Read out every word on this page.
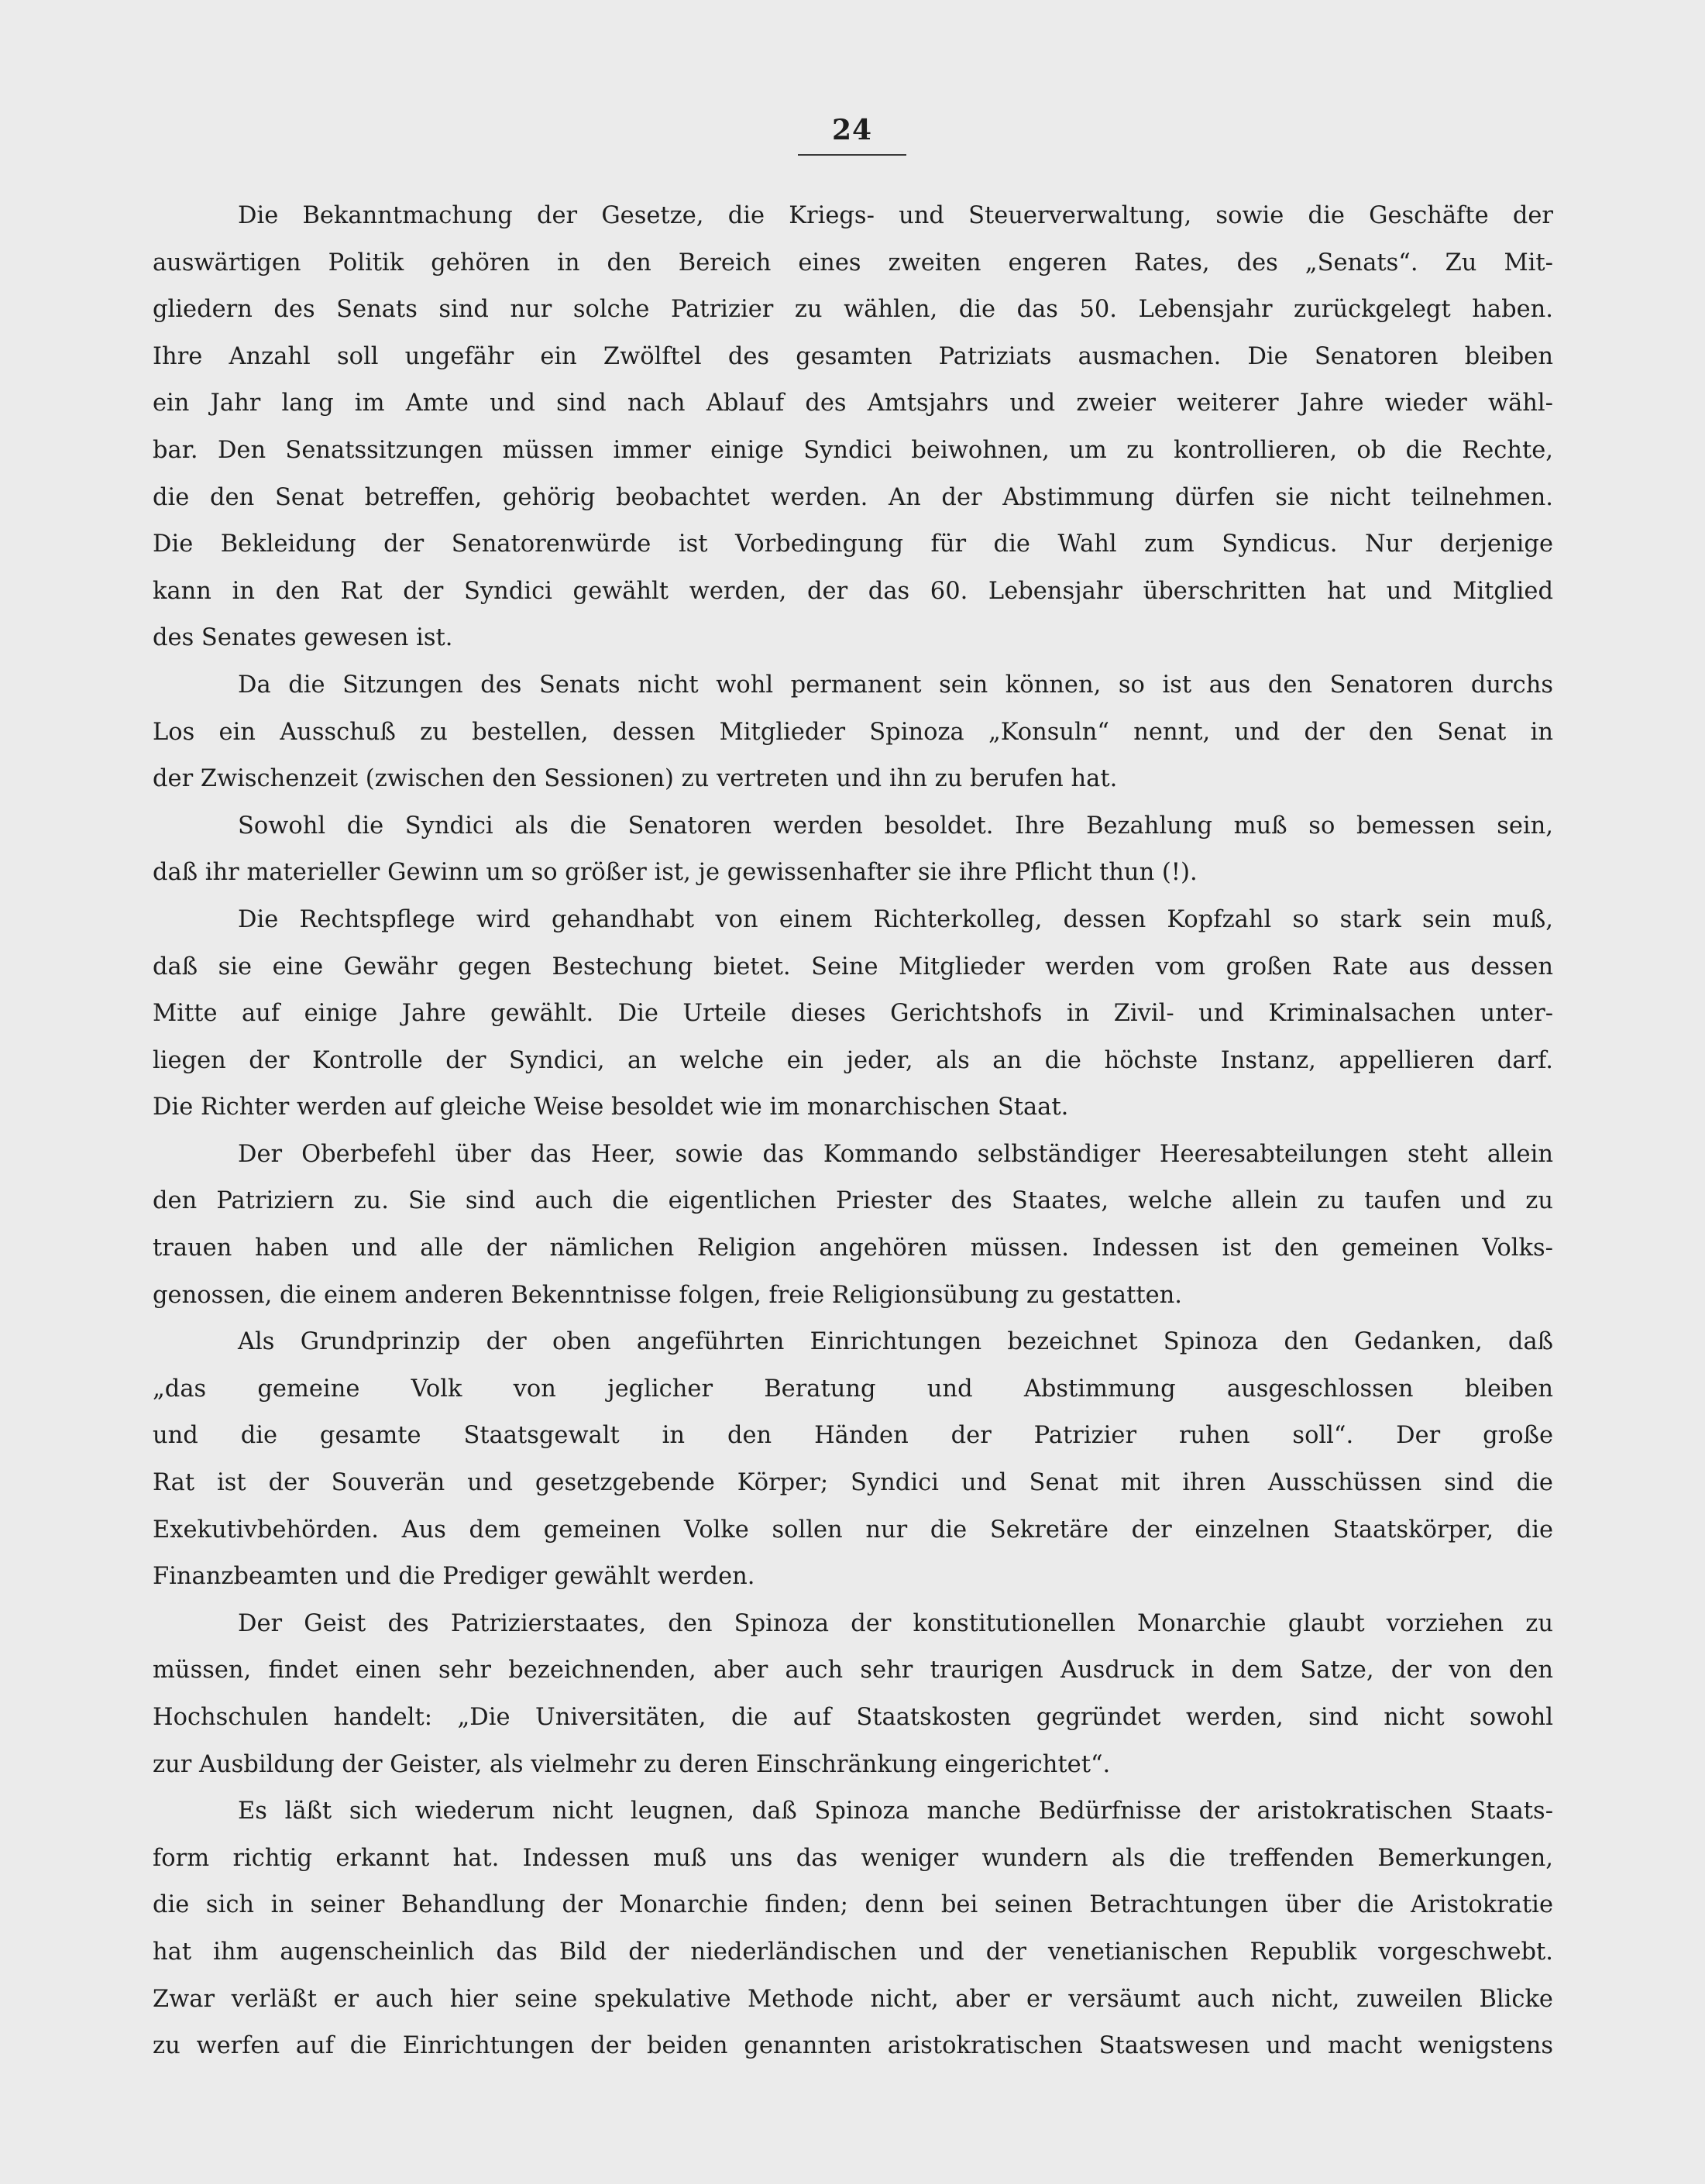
24
Die Bekanntmachung der Gesetze, die Kriegs- und Steuerverwaltung, sowie die Geschäfte der
auswärtigen Politik gehören in den Bereich eines zweiten engeren Rates, des „Senats“. Zu Mit-
gliedern des Senats sind nur solche Patrizier zu wählen, die das 50. Lebensjahr zurückgelegt haben.
Ihre Anzahl soll ungefähr ein Zwölftel des gesamten Patriziats ausmachen. Die Senatoren bleiben
ein Jahr lang im Amte und sind nach Ablauf des Amtsjahrs und zweier weiterer Jahre wieder wähl-
bar. Den Senatssitzungen müssen immer einige Syndici beiwohnen, um zu kontrollieren, ob die Rechte,
die den Senat betreffen, gehörig beobachtet werden. An der Abstimmung dürfen sie nicht teilnehmen.
Die Bekleidung der Senatorenwürde ist Vorbedingung für die Wahl zum Syndicus. Nur derjenige
kann in den Rat der Syndici gewählt werden, der das 60. Lebensjahr überschritten hat und Mitglied
des Senates gewesen ist.
Da die Sitzungen des Senats nicht wohl permanent sein können, so ist aus den Senatoren durchs
Los ein Ausschuß zu bestellen, dessen Mitglieder Spinoza „Konsuln“ nennt, und der den Senat in
der Zwischenzeit (zwischen den Sessionen) zu vertreten und ihn zu berufen hat.
Sowohl die Syndici als die Senatoren werden besoldet. Ihre Bezahlung muß so bemessen sein,
daß ihr materieller Gewinn um so größer ist, je gewissenhafter sie ihre Pflicht thun (!).
Die Rechtspflege wird gehandhabt von einem Richterkolleg, dessen Kopfzahl so stark sein muß,
daß sie eine Gewähr gegen Bestechung bietet. Seine Mitglieder werden vom großen Rate aus dessen
Mitte auf einige Jahre gewählt. Die Urteile dieses Gerichtshofs in Zivil- und Kriminalsachen unter-
liegen der Kontrolle der Syndici, an welche ein jeder, als an die höchste Instanz, appellieren darf.
Die Richter werden auf gleiche Weise besoldet wie im monarchischen Staat.
Der Oberbefehl über das Heer, sowie das Kommando selbständiger Heeresabteilungen steht allein
den Patriziern zu. Sie sind auch die eigentlichen Priester des Staates, welche allein zu taufen und zu
trauen haben und alle der nämlichen Religion angehören müssen. Indessen ist den gemeinen Volks-
genossen, die einem anderen Bekenntnisse folgen, freie Religionsübung zu gestatten.
Als Grundprinzip der oben angeführten Einrichtungen bezeichnet Spinoza den Gedanken, daß
„das gemeine Volk von jeglicher Beratung und Abstimmung ausgeschlossen bleiben
und die gesamte Staatsgewalt in den Händen der Patrizier ruhen soll“. Der große
Rat ist der Souverän und gesetzgebende Körper; Syndici und Senat mit ihren Ausschüssen sind die
Exekutivbehörden. Aus dem gemeinen Volke sollen nur die Sekretäre der einzelnen Staatskörper, die
Finanzbeamten und die Prediger gewählt werden.
Der Geist des Patrizierstaates, den Spinoza der konstitutionellen Monarchie glaubt vorziehen zu
müssen, findet einen sehr bezeichnenden, aber auch sehr traurigen Ausdruck in dem Satze, der von den
Hochschulen handelt: „Die Universitäten, die auf Staatskosten gegründet werden, sind nicht sowohl
zur Ausbildung der Geister, als vielmehr zu deren Einschränkung eingerichtet“.
Es läßt sich wiederum nicht leugnen, daß Spinoza manche Bedürfnisse der aristokratischen Staats-
form richtig erkannt hat. Indessen muß uns das weniger wundern als die treffenden Bemerkungen,
die sich in seiner Behandlung der Monarchie finden; denn bei seinen Betrachtungen über die Aristokratie
hat ihm augenscheinlich das Bild der niederländischen und der venetianischen Republik vorgeschwebt.
Zwar verläßt er auch hier seine spekulative Methode nicht, aber er versäumt auch nicht, zuweilen Blicke
zu werfen auf die Einrichtungen der beiden genannten aristokratischen Staatswesen und macht wenigstens
